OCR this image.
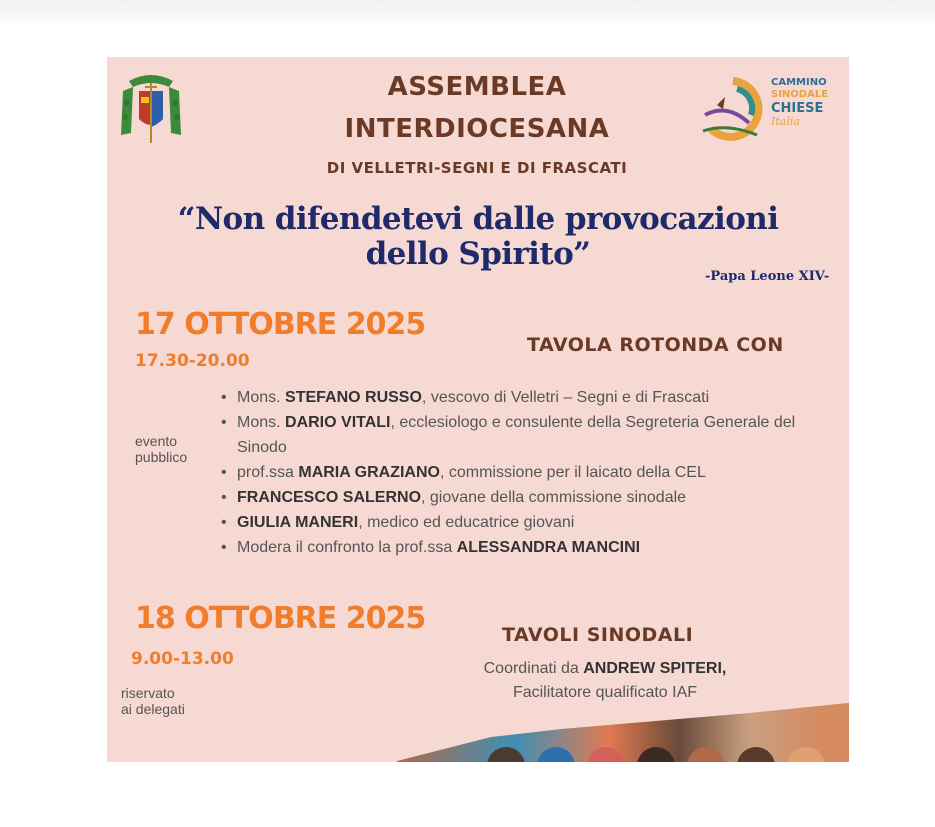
ASSEMBLEA
INTERDIOCESANA
DI VELLETRI-SEGNI E DI FRASCATI
CAMMINO
SINODALE
CHIESE
Italia
“Non difendetevi dalle provocazioni
dello Spirito”
-Papa Leone XIV-
17 OTTOBRE 2025
17.30-20.00
TAVOLA ROTONDA CON
evento
pubblico
• Mons. STEFANO RUSSO, vescovo di Velletri – Segni e di Frascati
• Mons. DARIO VITALI, ecclesiologo e consulente della Segreteria Generale del Sinodo
• prof.ssa MARIA GRAZIANO, commissione per il laicato della CEL
• FRANCESCO SALERNO, giovane della commissione sinodale
• GIULIA MANERI, medico ed educatrice giovani
• Modera il confronto la prof.ssa ALESSANDRA MANCINI
18 OTTOBRE 2025
9.00-13.00
TAVOLI SINODALI
Coordinati da ANDREW SPITERI,
Facilitatore qualificato IAF
riservato
ai delegati
